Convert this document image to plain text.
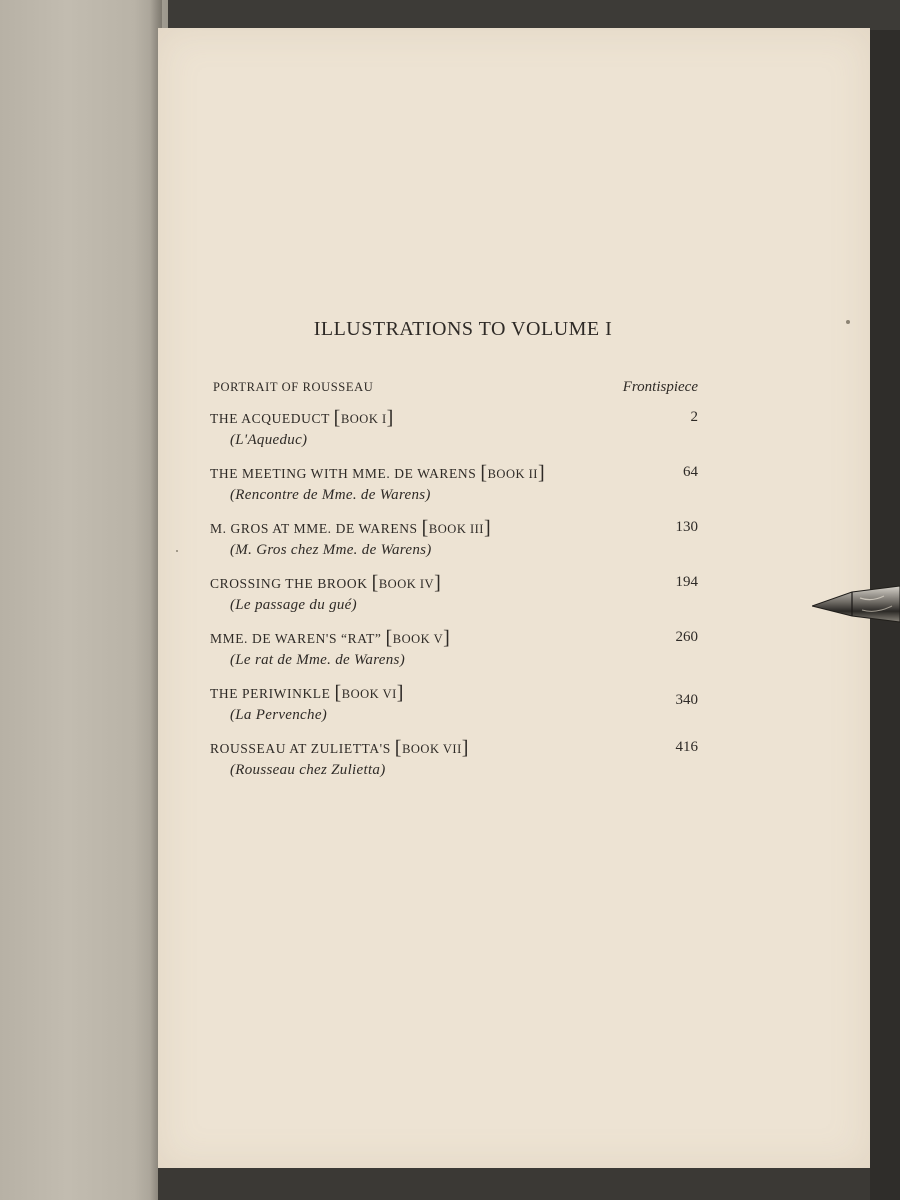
ILLUSTRATIONS TO VOLUME I
PORTRAIT OF ROUSSEAU	Frontispiece
THE ACQUEDUCT [BOOK I]
(L'Aqueduc)
2
THE MEETING WITH MME. DE WARENS [BOOK II]
(Rencontre de Mme. de Warens)
64
M. GROS AT MME. DE WARENS [BOOK III]
(M. Gros chez Mme. de Warens)
130
CROSSING THE BROOK [BOOK IV]
(Le passage du gué)
194
MME. DE WAREN'S “RAT” [BOOK V]
(Le rat de Mme. de Warens)
260
THE PERIWINKLE [BOOK VI]
(La Pervenche)
340
ROUSSEAU AT ZULIETTA'S [BOOK VII]
(Rousseau chez Zulietta)
416
